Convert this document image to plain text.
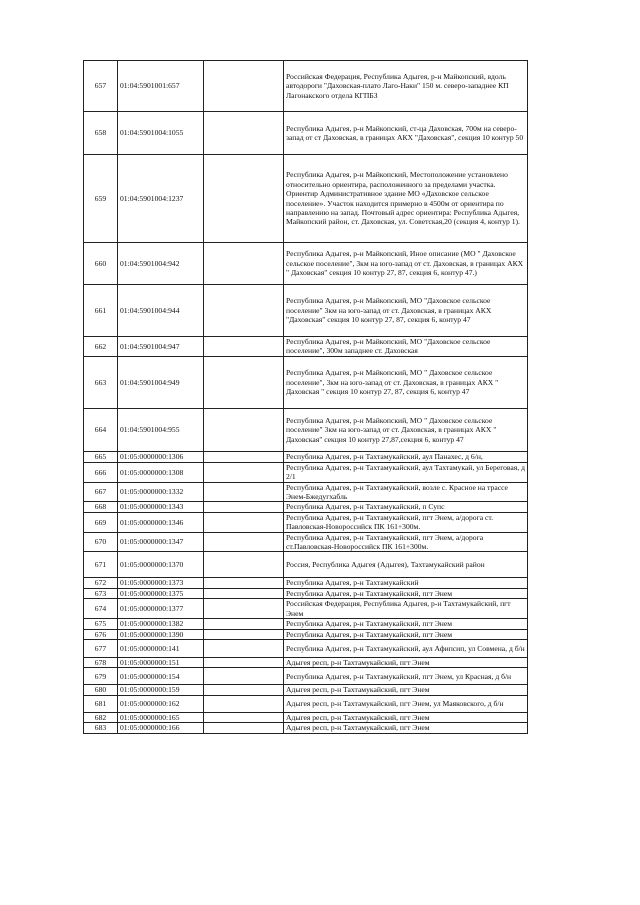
657	01:04:5901001:657		Российская Федерация, Республика Адыгея, р-н Майкопский, вдоль автодороги "Даховская-плато Лаго-Наки" 150 м. северо-западнее КП Лагонакского отдела КГПБЗ
658	01:04:5901004:1055		Республика Адыгея, р-н Майкопский, ст-ца Даховская, 700м на северо-запад от ст Даховская, в границах АКХ "Даховская", секция 10 контур 50
659	01:04:5901004:1237		Республика Адыгея, р-н Майкопский, Местоположение установлено относительно ориентира, расположенного за пределами участка. Ориентир Административное здание МО «Даховское сельское поселение». Участок находится примерно в 4500м от ориентира по направлению на запад. Почтовый адрес ориентира: Республика Адыгея, Майкопский район, ст. Даховская, ул. Советская,20 (секция 4, контур 1).
660	01:04:5901004:942		Республика Адыгея, р-н Майкопский, Иное описание (МО " Даховское сельское поселение", 3км на юго-запад от ст. Даховская, в границах АКХ " Даховская" секция 10 контур 27, 87, секция 6, контур 47.)
661	01:04:5901004:944		Республика Адыгея, р-н Майкопский, МО "Даховское сельское поселение" 3км на юго-запад от ст. Даховская, в границах АКХ "Даховская" секция 10 контур 27, 87, секция 6, контур 47
662	01:04:5901004:947		Республика Адыгея, р-н Майкопский, МО "Даховское сельское поселение", 300м западнее ст. Даховская
663	01:04:5901004:949		Республика Адыгея, р-н Майкопский, МО " Даховское сельское поселение", 3км на юго-запад от ст. Даховская, в границах АКХ " Даховская " секция 10 контур 27, 87, секция 6, контур 47
664	01:04:5901004:955		Республика Адыгея, р-н Майкопский, МО " Даховское сельское поселение" 3км на юго-запад от ст. Даховская, в границах АКХ " Даховская" секция 10 контур 27,87,секция 6, контур 47
665	01:05:0000000:1306		Республика Адыгея, р-н Тахтамукайский, аул Панахес, д 6/н,
666	01:05:0000000:1308		Республика Адыгея, р-н Тахтамукайский, аул Тахтамукай, ул Береговая, д 2/1
667	01:05:0000000:1332		Республика Адыгея, р-н Тахтамукайский, возле с. Красное на трассе Энем-Бжедугхабль
668	01:05:0000000:1343		Республика Адыгея, р-н Тахтамукайский, п Супс
669	01:05:0000000:1346		Республика Адыгея, р-н Тахтамукайский, пгт Энем, а/дорога ст. Павловская-Новороссийск ПК 161+300м.
670	01:05:0000000:1347		Республика Адыгея, р-н Тахтамукайский, пгт Энем, а/дорога ст.Павловская-Новороссийск ПК 161+300м.
671	01:05:0000000:1370		Россия, Республика Адыгея (Адыгея), Тахтамукайский район
672	01:05:0000000:1373		Республика Адыгея, р-н Тахтамукайский
673	01:05:0000000:1375		Республика Адыгея, р-н Тахтамукайский, пгт Энем
674	01:05:0000000:1377		Российская Федерация, Республика Адыгея, р-н Тахтамукайский, пгт Энем
675	01:05:0000000:1382		Республика Адыгея, р-н Тахтамукайский, пгт Энем
676	01:05:0000000:1390		Республика Адыгея, р-н Тахтамукайский, пгт Энем
677	01:05:0000000:141		Республика Адыгея, р-н Тахтамукайский, аул Афипсип, ул Совмена, д б/н
678	01:05:0000000:151		Адыгея респ, р-н Тахтамукайский, пгт Энем
679	01:05:0000000:154		Республика Адыгея, р-н Тахтамукайский, пгт Энем, ул Красная, д б/н
680	01:05:0000000:159		Адыгея респ, р-н Тахтамукайский, пгт Энем
681	01:05:0000000:162		Адыгея респ, р-н Тахтамукайский, пгт Энем, ул Маяковского, д б/н
682	01:05:0000000:165		Адыгея респ, р-н Тахтамукайский, пгт Энем
683	01:05:0000000:166		Адыгея респ, р-н Тахтамукайский, пгт Энем
